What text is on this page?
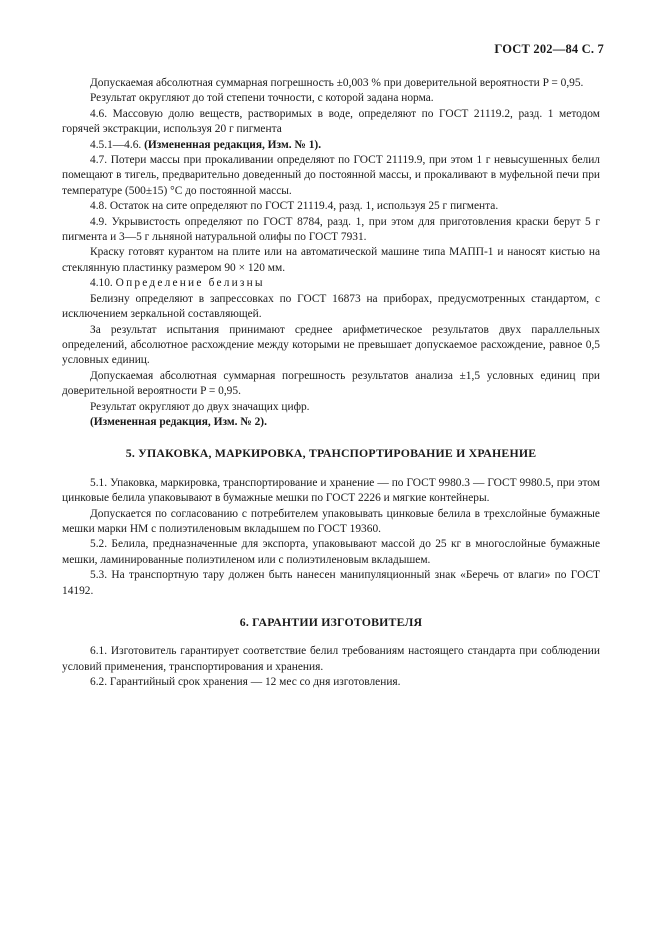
ГОСТ 202—84 С. 7

Допускаемая абсолютная суммарная погрешность ±0,003 % при доверительной вероятности P = 0,95.

Результат округляют до той степени точности, с которой задана норма.

4.6. Массовую долю веществ, растворимых в воде, определяют по ГОСТ 21119.2, разд. 1 методом горячей экстракции, используя 20 г пигмента

4.5.1—4.6. (Измененная редакция, Изм. № 1).

4.7. Потери массы при прокаливании определяют по ГОСТ 21119.9, при этом 1 г невысушенных белил помещают в тигель, предварительно доведенный до постоянной массы, и прокаливают в муфельной печи при температуре (500±15) °С до постоянной массы.

4.8. Остаток на сите определяют по ГОСТ 21119.4, разд. 1, используя 25 г пигмента.

4.9. Укрывистость определяют по ГОСТ 8784, разд. 1, при этом для приготовления краски берут 5 г пигмента и 3—5 г льняной натуральной олифы по ГОСТ 7931.

Краску готовят курантом на плите или на автоматической машине типа МАПП-1 и наносят кистью на стеклянную пластинку размером 90 × 120 мм.

4.10. Определение белизны

Белизну определяют в запрессовках по ГОСТ 16873 на приборах, предусмотренных стандартом, с исключением зеркальной составляющей.

За результат испытания принимают среднее арифметическое результатов двух параллельных определений, абсолютное расхождение между которыми не превышает допускаемое расхождение, равное 0,5 условных единиц.

Допускаемая абсолютная суммарная погрешность результатов анализа ±1,5 условных единиц при доверительной вероятности P = 0,95.

Результат округляют до двух значащих цифр.

(Измененная редакция, Изм. № 2).

5. УПАКОВКА, МАРКИРОВКА, ТРАНСПОРТИРОВАНИЕ И ХРАНЕНИЕ

5.1. Упаковка, маркировка, транспортирование и хранение — по ГОСТ 9980.3 — ГОСТ 9980.5, при этом цинковые белила упаковывают в бумажные мешки по ГОСТ 2226 и мягкие контейнеры.

Допускается по согласованию с потребителем упаковывать цинковые белила в трехслойные бумажные мешки марки НМ с полиэтиленовым вкладышем по ГОСТ 19360.

5.2. Белила, предназначенные для экспорта, упаковывают массой до 25 кг в многослойные бумажные мешки, ламинированные полиэтиленом или с полиэтиленовым вкладышем.

5.3. На транспортную тару должен быть нанесен манипуляционный знак «Беречь от влаги» по ГОСТ 14192.

6. ГАРАНТИИ ИЗГОТОВИТЕЛЯ

6.1. Изготовитель гарантирует соответствие белил требованиям настоящего стандарта при соблюдении условий применения, транспортирования и хранения.

6.2. Гарантийный срок хранения — 12 мес со дня изготовления.
